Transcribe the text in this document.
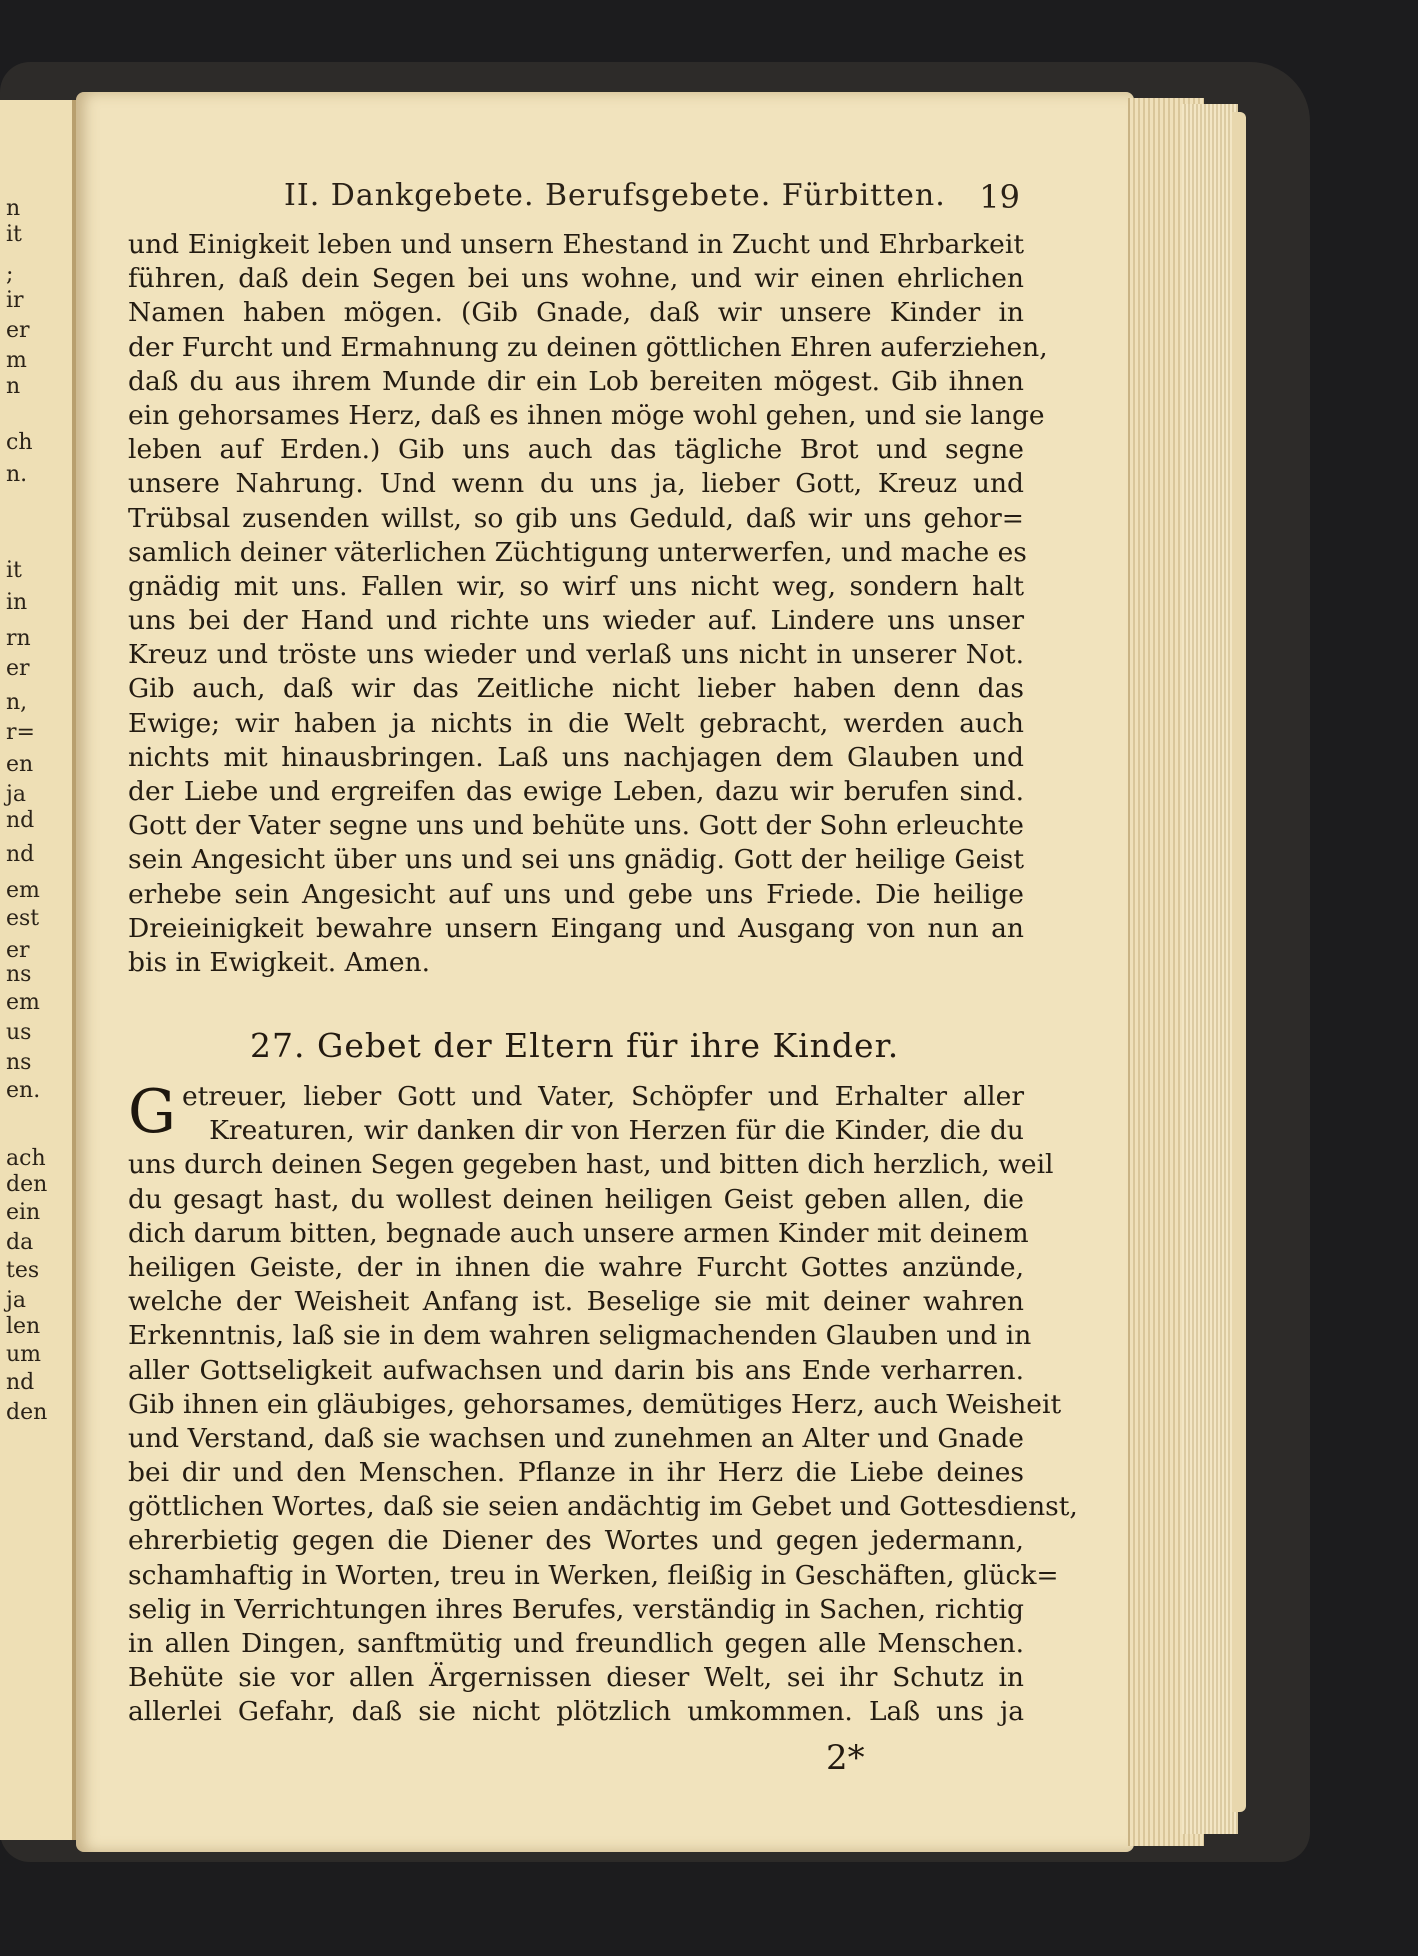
n
it
;
ir
er
m
n
ch
n.
it
in
rn
er
n,
r=
en
ja
nd
nd
em
est
er
ns
em
us
ns
en.
ach
den
ein
da
tes
ja
len
um
nd
den
II. Dankgebete. Berufsgebete. Fürbitten. 19
und Einigkeit leben und unsern Ehestand in Zucht und Ehrbarkeit
führen, daß dein Segen bei uns wohne, und wir einen ehrlichen
Namen haben mögen. (Gib Gnade, daß wir unsere Kinder in
der Furcht und Ermahnung zu deinen göttlichen Ehren auferziehen,
daß du aus ihrem Munde dir ein Lob bereiten mögest. Gib ihnen
ein gehorsames Herz, daß es ihnen möge wohl gehen, und sie lange
leben auf Erden.) Gib uns auch das tägliche Brot und segne
unsere Nahrung. Und wenn du uns ja, lieber Gott, Kreuz und
Trübsal zusenden willst, so gib uns Geduld, daß wir uns gehor=
samlich deiner väterlichen Züchtigung unterwerfen, und mache es
gnädig mit uns. Fallen wir, so wirf uns nicht weg, sondern halt
uns bei der Hand und richte uns wieder auf. Lindere uns unser
Kreuz und tröste uns wieder und verlaß uns nicht in unserer Not.
Gib auch, daß wir das Zeitliche nicht lieber haben denn das
Ewige; wir haben ja nichts in die Welt gebracht, werden auch
nichts mit hinausbringen. Laß uns nachjagen dem Glauben und
der Liebe und ergreifen das ewige Leben, dazu wir berufen sind.
Gott der Vater segne uns und behüte uns. Gott der Sohn erleuchte
sein Angesicht über uns und sei uns gnädig. Gott der heilige Geist
erhebe sein Angesicht auf uns und gebe uns Friede. Die heilige
Dreieinigkeit bewahre unsern Eingang und Ausgang von nun an
bis in Ewigkeit. Amen.
27. Gebet der Eltern für ihre Kinder.
Getreuer, lieber Gott und Vater, Schöpfer und Erhalter aller
Kreaturen, wir danken dir von Herzen für die Kinder, die du
uns durch deinen Segen gegeben hast, und bitten dich herzlich, weil
du gesagt hast, du wollest deinen heiligen Geist geben allen, die
dich darum bitten, begnade auch unsere armen Kinder mit deinem
heiligen Geiste, der in ihnen die wahre Furcht Gottes anzünde,
welche der Weisheit Anfang ist. Beselige sie mit deiner wahren
Erkenntnis, laß sie in dem wahren seligmachenden Glauben und in
aller Gottseligkeit aufwachsen und darin bis ans Ende verharren.
Gib ihnen ein gläubiges, gehorsames, demütiges Herz, auch Weisheit
und Verstand, daß sie wachsen und zunehmen an Alter und Gnade
bei dir und den Menschen. Pflanze in ihr Herz die Liebe deines
göttlichen Wortes, daß sie seien andächtig im Gebet und Gottesdienst,
ehrerbietig gegen die Diener des Wortes und gegen jedermann,
schamhaftig in Worten, treu in Werken, fleißig in Geschäften, glück=
selig in Verrichtungen ihres Berufes, verständig in Sachen, richtig
in allen Dingen, sanftmütig und freundlich gegen alle Menschen.
Behüte sie vor allen Ärgernissen dieser Welt, sei ihr Schutz in
allerlei Gefahr, daß sie nicht plötzlich umkommen. Laß uns ja
2*
